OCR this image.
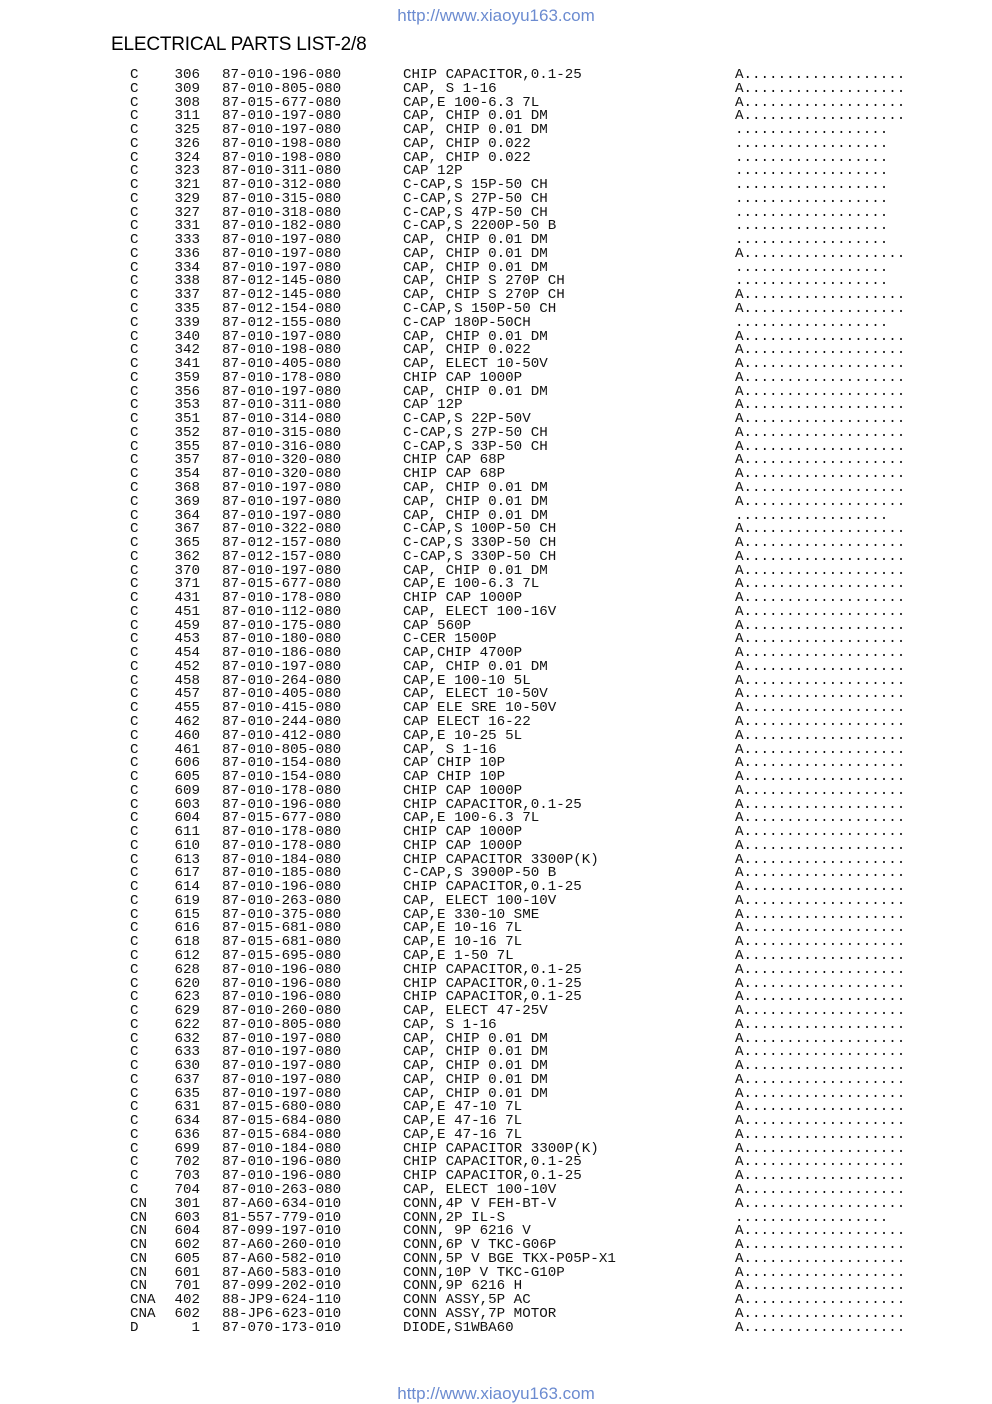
http://www.xiaoyu163.com
ELECTRICAL PARTS LIST-2/8
C	306 87-010-196-080	CHIP CAPACITOR,0.1-25	A...................
C	309 87-010-805-080	CAP, S 1-16	A...................
C	308 87-015-677-080	CAP,E 100-6.3 7L	A...................
C	311 87-010-197-080	CAP, CHIP 0.01 DM	A...................
C	325 87-010-197-080	CAP, CHIP 0.01 DM	..................
C	326 87-010-198-080	CAP, CHIP 0.022	..................
C	324 87-010-198-080	CAP, CHIP 0.022	..................
C	323 87-010-311-080	CAP 12P	..................
C	321 87-010-312-080	C-CAP,S 15P-50 CH	..................
C	329 87-010-315-080	C-CAP,S 27P-50 CH	..................
C	327 87-010-318-080	C-CAP,S 47P-50 CH	..................
C	331 87-010-182-080	C-CAP,S 2200P-50 B	..................
C	333 87-010-197-080	CAP, CHIP 0.01 DM	..................
C	336 87-010-197-080	CAP, CHIP 0.01 DM	A...................
C	334 87-010-197-080	CAP, CHIP 0.01 DM	..................
C	338 87-012-145-080	CAP, CHIP S 270P CH	..................
C	337 87-012-145-080	CAP, CHIP S 270P CH	A...................
C	335 87-012-154-080	C-CAP,S 150P-50 CH	A...................
C	339 87-012-155-080	C-CAP 180P-50CH	..................
C	340 87-010-197-080	CAP, CHIP 0.01 DM	A...................
C	342 87-010-198-080	CAP, CHIP 0.022	A...................
C	341 87-010-405-080	CAP, ELECT 10-50V	A...................
C	359 87-010-178-080	CHIP CAP 1000P	A...................
C	356 87-010-197-080	CAP, CHIP 0.01 DM	A...................
C	353 87-010-311-080	CAP 12P	A...................
C	351 87-010-314-080	C-CAP,S 22P-50V	A...................
C	352 87-010-315-080	C-CAP,S 27P-50 CH	A...................
C	355 87-010-316-080	C-CAP,S 33P-50 CH	A...................
C	357 87-010-320-080	CHIP CAP 68P	A...................
C	354 87-010-320-080	CHIP CAP 68P	A...................
C	368 87-010-197-080	CAP, CHIP 0.01 DM	A...................
C	369 87-010-197-080	CAP, CHIP 0.01 DM	A...................
C	364 87-010-197-080	CAP, CHIP 0.01 DM	..................
C	367 87-010-322-080	C-CAP,S 100P-50 CH	A...................
C	365 87-012-157-080	C-CAP,S 330P-50 CH	A...................
C	362 87-012-157-080	C-CAP,S 330P-50 CH	A...................
C	370 87-010-197-080	CAP, CHIP 0.01 DM	A...................
C	371 87-015-677-080	CAP,E 100-6.3 7L	A...................
C	431 87-010-178-080	CHIP CAP 1000P	A...................
C	451 87-010-112-080	CAP, ELECT 100-16V	A...................
C	459 87-010-175-080	CAP 560P	A...................
C	453 87-010-180-080	C-CER 1500P	A...................
C	454 87-010-186-080	CAP,CHIP 4700P	A...................
C	452 87-010-197-080	CAP, CHIP 0.01 DM	A...................
C	458 87-010-264-080	CAP,E 100-10 5L	A...................
C	457 87-010-405-080	CAP, ELECT 10-50V	A...................
C	455 87-010-415-080	CAP ELE SRE 10-50V	A...................
C	462 87-010-244-080	CAP ELECT 16-22	A...................
C	460 87-010-412-080	CAP,E 10-25 5L	A...................
C	461 87-010-805-080	CAP, S 1-16	A...................
C	606 87-010-154-080	CAP CHIP 10P	A...................
C	605 87-010-154-080	CAP CHIP 10P	A...................
C	609 87-010-178-080	CHIP CAP 1000P	A...................
C	603 87-010-196-080	CHIP CAPACITOR,0.1-25	A...................
C	604 87-015-677-080	CAP,E 100-6.3 7L	A...................
C	611 87-010-178-080	CHIP CAP 1000P	A...................
C	610 87-010-178-080	CHIP CAP 1000P	A...................
C	613 87-010-184-080	CHIP CAPACITOR 3300P(K)	A...................
C	617 87-010-185-080	C-CAP,S 3900P-50 B	A...................
C	614 87-010-196-080	CHIP CAPACITOR,0.1-25	A...................
C	619 87-010-263-080	CAP, ELECT 100-10V	A...................
C	615 87-010-375-080	CAP,E 330-10 SME	A...................
C	616 87-015-681-080	CAP,E 10-16 7L	A...................
C	618 87-015-681-080	CAP,E 10-16 7L	A...................
C	612 87-015-695-080	CAP,E 1-50 7L	A...................
C	628 87-010-196-080	CHIP CAPACITOR,0.1-25	A...................
C	620 87-010-196-080	CHIP CAPACITOR,0.1-25	A...................
C	623 87-010-196-080	CHIP CAPACITOR,0.1-25	A...................
C	629 87-010-260-080	CAP, ELECT 47-25V	A...................
C	622 87-010-805-080	CAP, S 1-16	A...................
C	632 87-010-197-080	CAP, CHIP 0.01 DM	A...................
C	633 87-010-197-080	CAP, CHIP 0.01 DM	A...................
C	630 87-010-197-080	CAP, CHIP 0.01 DM	A...................
C	637 87-010-197-080	CAP, CHIP 0.01 DM	A...................
C	635 87-010-197-080	CAP, CHIP 0.01 DM	A...................
C	631 87-015-680-080	CAP,E 47-10 7L	A...................
C	634 87-015-684-080	CAP,E 47-16 7L	A...................
C	636 87-015-684-080	CAP,E 47-16 7L	A...................
C	699 87-010-184-080	CHIP CAPACITOR 3300P(K)	A...................
C	702 87-010-196-080	CHIP CAPACITOR,0.1-25	A...................
C	703 87-010-196-080	CHIP CAPACITOR,0.1-25	A...................
C	704 87-010-263-080	CAP, ELECT 100-10V	A...................
CN	301 87-A60-634-010	CONN,4P V FEH-BT-V	A...................
CN	603 81-557-779-010	CONN,2P IL-S	..................
CN	604 87-099-197-010	CONN, 9P 6216 V	A...................
CN	602 87-A60-260-010	CONN,6P V TKC-G06P	A...................
CN	605 87-A60-582-010	CONN,5P V BGE TKX-P05P-X1	A...................
CN	601 87-A60-583-010	CONN,10P V TKC-G10P	A...................
CN	701 87-099-202-010	CONN,9P 6216 H	A...................
CNA	402 88-JP9-624-110	CONN ASSY,5P AC	A...................
CNA	602 88-JP6-623-010	CONN ASSY,7P MOTOR	A...................
D	1 87-070-173-010	DIODE,S1WBA60	A...................
http://www.xiaoyu163.com
